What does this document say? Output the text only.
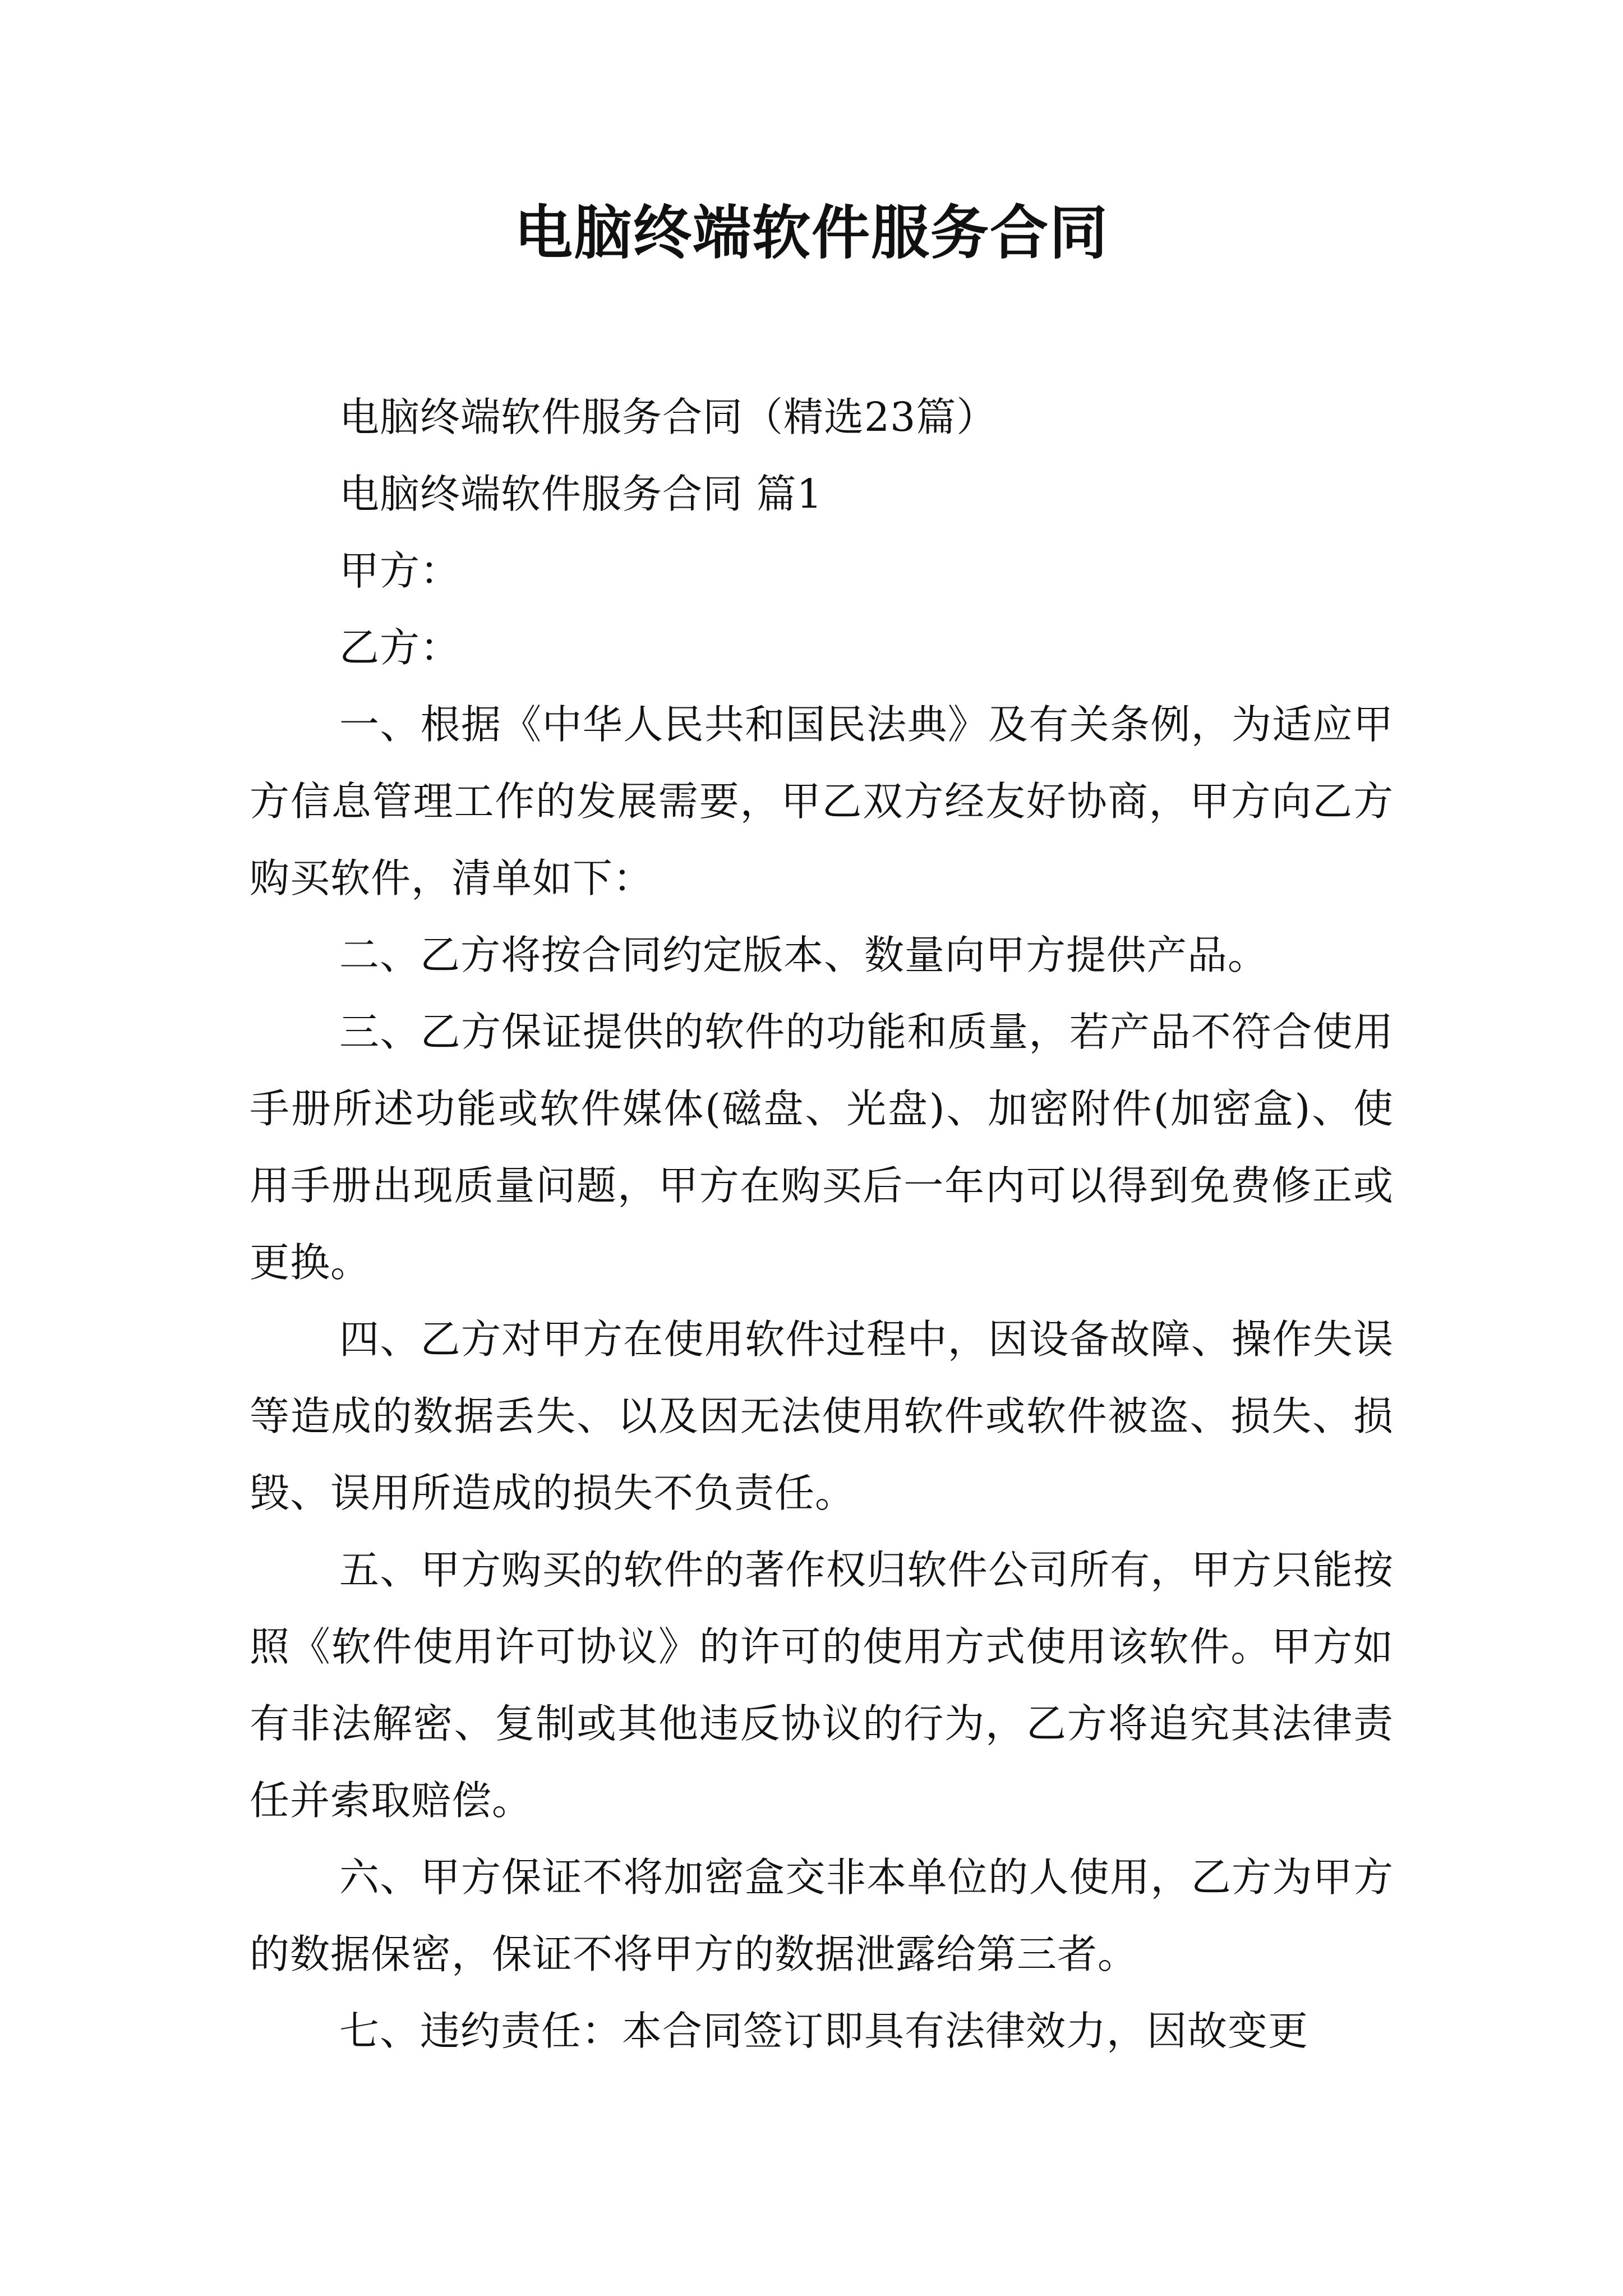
电脑终端软件服务合同

电脑终端软件服务合同（精选23篇）

电脑终端软件服务合同 篇1

甲方：

乙方：

一、根据《中华人民共和国民法典》及有关条例，为适应甲方信息管理工作的发展需要，甲乙双方经友好协商，甲方向乙方购买软件，清单如下：

二、乙方将按合同约定版本、数量向甲方提供产品。

三、乙方保证提供的软件的功能和质量，若产品不符合使用手册所述功能或软件媒体(磁盘、光盘)、加密附件(加密盒)、使用手册出现质量问题，甲方在购买后一年内可以得到免费修正或更换。

四、乙方对甲方在使用软件过程中，因设备故障、操作失误等造成的数据丢失、以及因无法使用软件或软件被盗、损失、损毁、误用所造成的损失不负责任。

五、甲方购买的软件的著作权归软件公司所有，甲方只能按照《软件使用许可协议》的许可的使用方式使用该软件。甲方如有非法解密、复制或其他违反协议的行为，乙方将追究其法律责任并索取赔偿。

六、甲方保证不将加密盒交非本单位的人使用，乙方为甲方的数据保密，保证不将甲方的数据泄露给第三者。

七、违约责任：本合同签订即具有法律效力，因故变更
